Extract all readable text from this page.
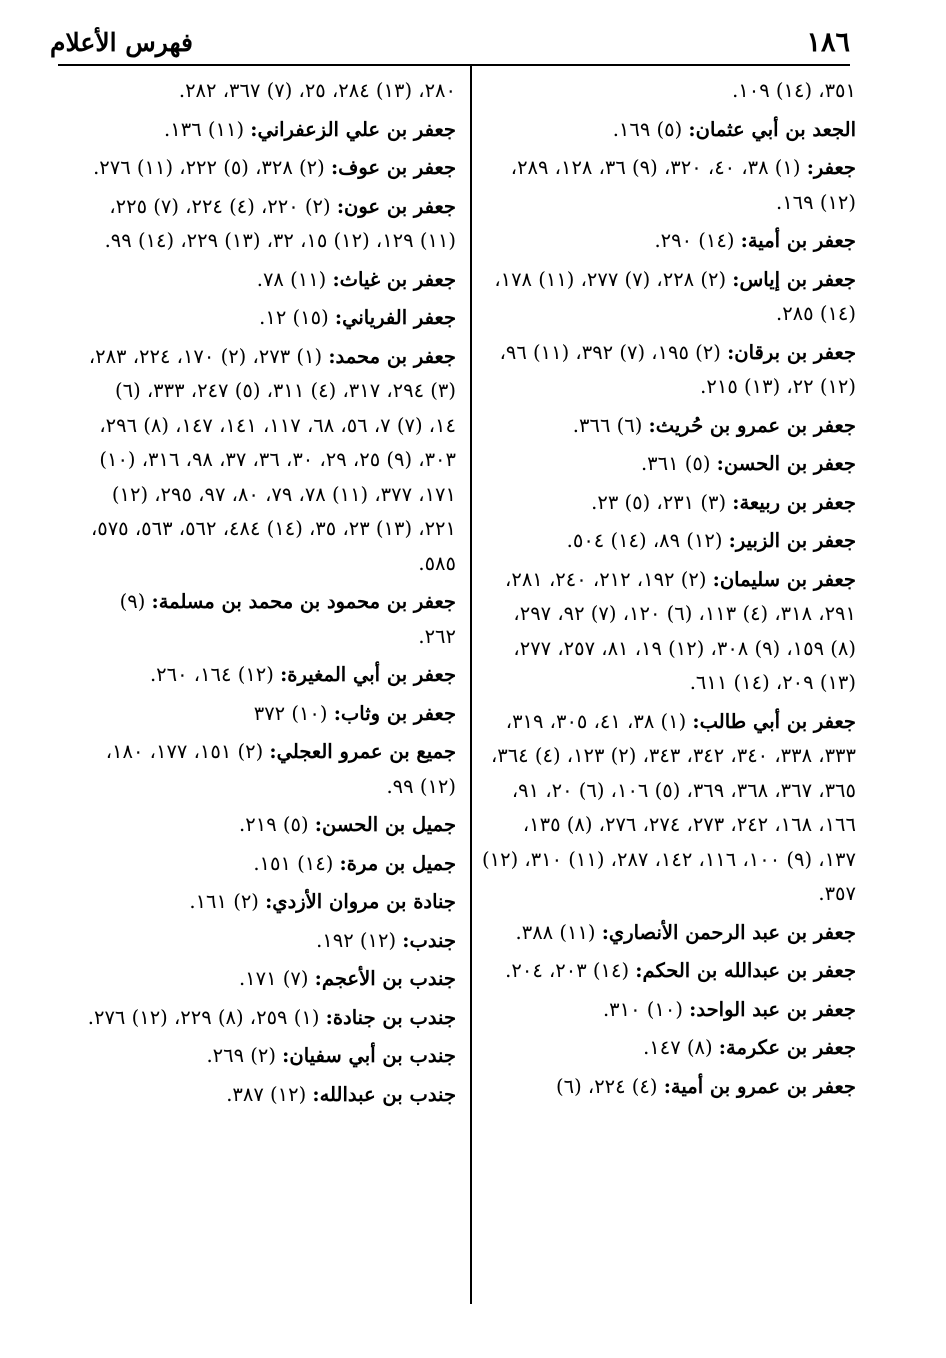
١٨٦
فهرس الأعلام

٣٥١، (١٤) ١٠٩.

الجعد بن أبي عثمان: (٥) ١٦٩.

جعفر: (١) ٣٨، ٤٠، ٣٢٠، (٩) ٣٦، ١٢٨، ٢٨٩، (١٢) ١٦٩.

جعفر بن أمية: (١٤) ٢٩٠.

جعفر بن إياس: (٢) ٢٢٨، (٧) ٢٧٧، (١١) ١٧٨، (١٤) ٢٨٥.

جعفر بن برقان: (٢) ١٩٥، (٧) ٣٩٢، (١١) ٩٦، (١٢) ٢٢، (١٣) ٢١٥.

جعفر بن عمرو بن حُريث: (٦) ٣٦٦.

جعفر بن الحسن: (٥) ٣٦١.

جعفر بن ربيعة: (٣) ٢٣١، (٥) ٢٣.

جعفر بن الزبير: (١٢) ٨٩، (١٤) ٥٠٤.

جعفر بن سليمان: (٢) ١٩٢، ٢١٢، ٢٤٠، ٢٨١، ٢٩١، ٣١٨، (٤) ١١٣، (٦) ١٢٠، (٧) ٩٢، ٢٩٧، (٨) ١٥٩، (٩) ٣٠٨، (١٢) ١٩، ٨١، ٢٥٧، ٢٧٧، (١٣) ٢٠٩، (١٤) ٦١١.

جعفر بن أبي طالب: (١) ٣٨، ٤١، ٣٠٥، ٣١٩، ٣٣٣، ٣٣٨، ٣٤٠، ٣٤٢، ٣٤٣، (٢) ١٢٣، (٤) ٣٦٤، ٣٦٥، ٣٦٧، ٣٦٨، ٣٦٩، (٥) ١٠٦، (٦) ٢٠، ٩١، ١٦٦، ١٦٨، ٢٤٢، ٢٧٣، ٢٧٤، ٢٧٦، (٨) ١٣٥، ١٣٧، (٩) ١٠٠، ١١٦، ١٤٢، ٢٨٧، (١١) ٣١٠، (١٢) ٣٥٧.

جعفر بن عبد الرحمن الأنصاري: (١١) ٣٨٨.

جعفر بن عبدالله بن الحكم: (١٤) ٢٠٣، ٢٠٤.

جعفر بن عبد الواحد: (١٠) ٣١٠.

جعفر بن عكرمة: (٨) ١٤٧.

جعفر بن عمرو بن أمية: (٤) ٢٢٤، (٦)

٢٨٠، (١٣) ٢٨٤، ٢٥، (٧) ٣٦٧، ٢٨٢.

جعفر بن علي الزعفراني: (١١) ١٣٦.

جعفر بن عوف: (٢) ٣٢٨، (٥) ٢٢٢، (١١) ٢٧٦.

جعفر بن عون: (٢) ٢٢٠، (٤) ٢٢٤، (٧) ٢٢٥، (١١) ١٢٩، (١٢) ١٥، ٣٢، (١٣) ٢٢٩، (١٤) ٩٩.

جعفر بن غياث: (١١) ٧٨.

جعفر الفرياني: (١٥) ١٢.

جعفر بن محمد: (١) ٢٧٣، (٢) ١٧٠، ٢٢٤، ٢٨٣، (٣) ٢٩٤، ٣١٧، (٤) ٣١١، (٥) ٢٤٧، ٣٣٣، (٦) ١٤، (٧) ٧، ٥٦، ٦٨، ١١٧، ١٤١، ١٤٧، (٨) ٢٩٦، ٣٠٣، (٩) ٢٥، ٢٩، ٣٠، ٣٦، ٣٧، ٩٨، ٣١٦، (١٠) ١٧١، ٣٧٧، (١١) ٧٨، ٧٩، ٨٠، ٩٧، ٢٩٥، (١٢) ٢٢١، (١٣) ٢٣، ٣٥، (١٤) ٤٨٤، ٥٦٢، ٥٦٣، ٥٧٥، ٥٨٥.

جعفر بن محمود بن محمد بن مسلمة: (٩) ٢٦٢.

جعفر بن أبي المغيرة: (١٢) ١٦٤، ٢٦٠.

جعفر بن وثاب: (١٠) ٣٧٢

جميع بن عمرو العجلي: (٢) ١٥١، ١٧٧، ١٨٠، (١٢) ٩٩.

جميل بن الحسن: (٥) ٢١٩.

جميل بن مرة: (١٤) ١٥١.

جنادة بن مروان الأزدي: (٢) ١٦١.

جندب: (١٢) ١٩٢.

جندب بن الأعجم: (٧) ١٧١.

جندب بن جنادة: (١) ٢٥٩، (٨) ٢٢٩، (١٢) ٢٧٦.

جندب بن أبي سفيان: (٢) ٢٦٩.

جندب بن عبدالله: (١٢) ٣٨٧.
